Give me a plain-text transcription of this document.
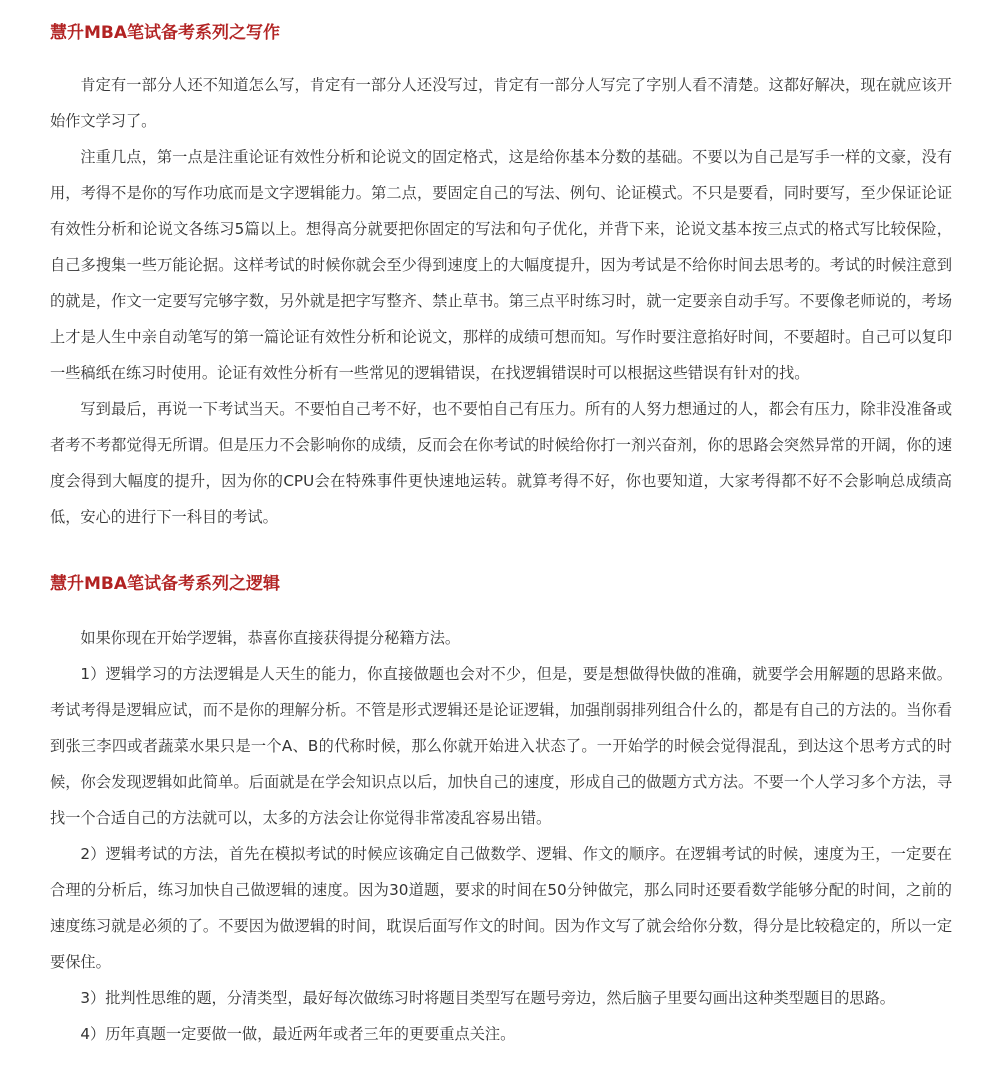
慧升MBA笔试备考系列之写作

肯定有一部分人还不知道怎么写，肯定有一部分人还没写过，肯定有一部分人写完了字别人看不清楚。这都好解决，现在就应该开始作文学习了。

注重几点，第一点是注重论证有效性分析和论说文的固定格式，这是给你基本分数的基础。不要以为自己是写手一样的文豪，没有用，考得不是你的写作功底而是文字逻辑能力。第二点，要固定自己的写法、例句、论证模式。不只是要看，同时要写，至少保证论证有效性分析和论说文各练习5篇以上。想得高分就要把你固定的写法和句子优化，并背下来，论说文基本按三点式的格式写比较保险，自己多搜集一些万能论据。这样考试的时候你就会至少得到速度上的大幅度提升，因为考试是不给你时间去思考的。考试的时候注意到的就是，作文一定要写完够字数，另外就是把字写整齐、禁止草书。第三点平时练习时，就一定要亲自动手写。不要像老师说的，考场上才是人生中亲自动笔写的第一篇论证有效性分析和论说文，那样的成绩可想而知。写作时要注意掐好时间，不要超时。自己可以复印一些稿纸在练习时使用。论证有效性分析有一些常见的逻辑错误，在找逻辑错误时可以根据这些错误有针对的找。

写到最后，再说一下考试当天。不要怕自己考不好，也不要怕自己有压力。所有的人努力想通过的人，都会有压力，除非没准备或者考不考都觉得无所谓。但是压力不会影响你的成绩，反而会在你考试的时候给你打一剂兴奋剂，你的思路会突然异常的开阔，你的速度会得到大幅度的提升，因为你的CPU会在特殊事件更快速地运转。就算考得不好，你也要知道，大家考得都不好不会影响总成绩高低，安心的进行下一科目的考试。

慧升MBA笔试备考系列之逻辑

如果你现在开始学逻辑，恭喜你直接获得提分秘籍方法。

1）逻辑学习的方法逻辑是人天生的能力，你直接做题也会对不少，但是，要是想做得快做的准确，就要学会用解题的思路来做。考试考得是逻辑应试，而不是你的理解分析。不管是形式逻辑还是论证逻辑，加强削弱排列组合什么的，都是有自己的方法的。当你看到张三李四或者蔬菜水果只是一个A、B的代称时候，那么你就开始进入状态了。一开始学的时候会觉得混乱，到达这个思考方式的时候，你会发现逻辑如此简单。后面就是在学会知识点以后，加快自己的速度，形成自己的做题方式方法。不要一个人学习多个方法，寻找一个合适自己的方法就可以，太多的方法会让你觉得非常凌乱容易出错。

2）逻辑考试的方法，首先在模拟考试的时候应该确定自己做数学、逻辑、作文的顺序。在逻辑考试的时候，速度为王，一定要在合理的分析后，练习加快自己做逻辑的速度。因为30道题，要求的时间在50分钟做完，那么同时还要看数学能够分配的时间，之前的速度练习就是必须的了。不要因为做逻辑的时间，耽误后面写作文的时间。因为作文写了就会给你分数，得分是比较稳定的，所以一定要保住。

3）批判性思维的题，分清类型，最好每次做练习时将题目类型写在题号旁边，然后脑子里要勾画出这种类型题目的思路。

4）历年真题一定要做一做，最近两年或者三年的更要重点关注。
